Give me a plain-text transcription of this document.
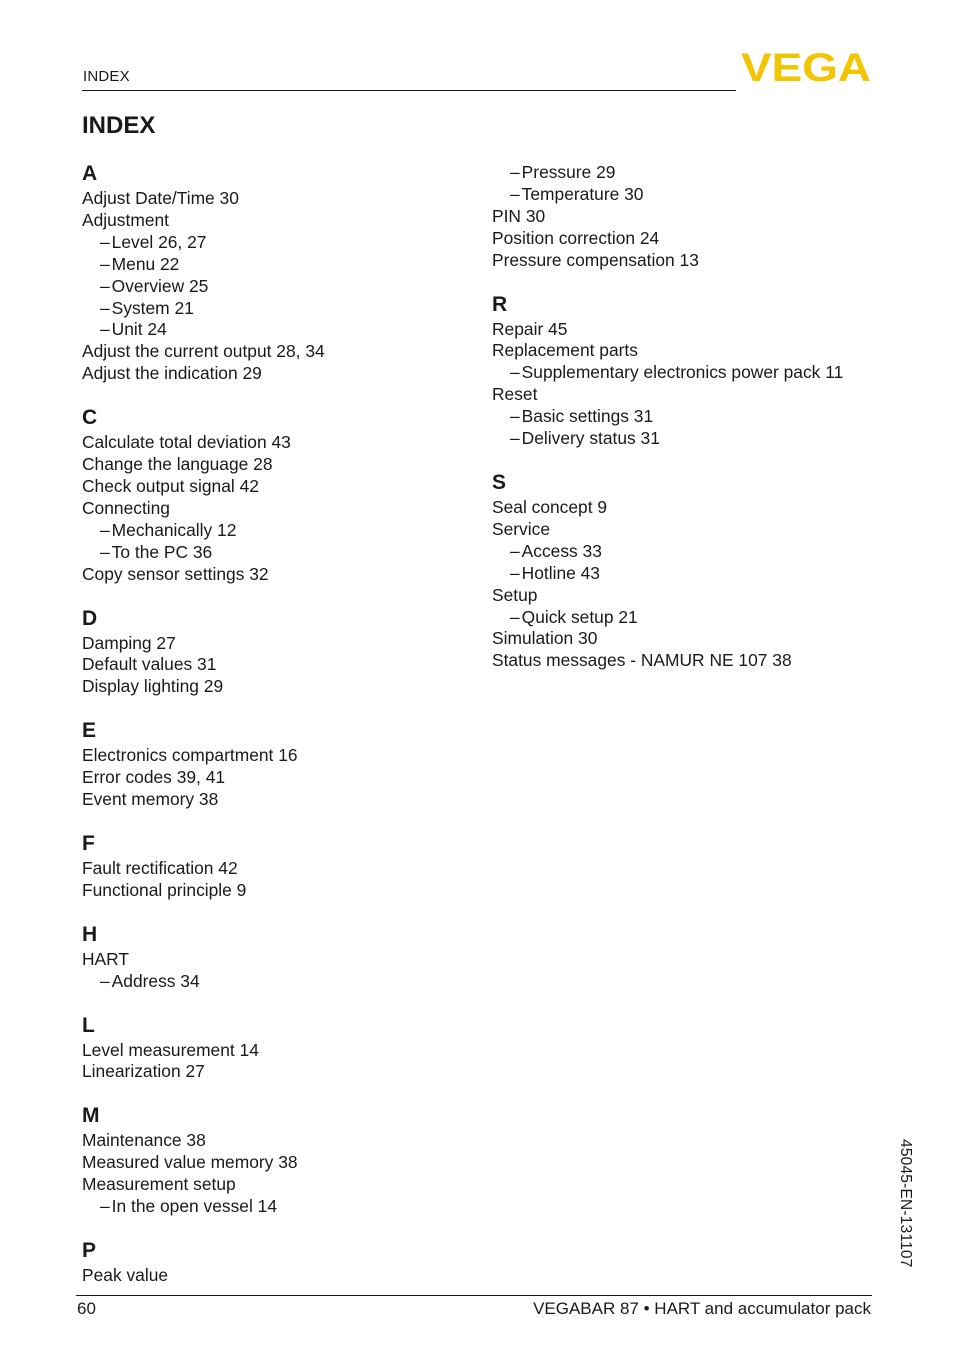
INDEX	VEGA
INDEX
A
Adjust Date/Time 30
Adjustment
– Level 26, 27
– Menu 22
– Overview 25
– System 21
– Unit 24
Adjust the current output 28, 34
Adjust the indication 29
C
Calculate total deviation 43
Change the language 28
Check output signal 42
Connecting
– Mechanically 12
– To the PC 36
Copy sensor settings 32
D
Damping 27
Default values 31
Display lighting 29
E
Electronics compartment 16
Error codes 39, 41
Event memory 38
F
Fault rectification 42
Functional principle 9
H
HART
– Address 34
L
Level measurement 14
Linearization 27
M
Maintenance 38
Measured value memory 38
Measurement setup
– In the open vessel 14
P
Peak value
– Pressure 29
– Temperature 30
PIN 30
Position correction 24
Pressure compensation 13
R
Repair 45
Replacement parts
– Supplementary electronics power pack 11
Reset
– Basic settings 31
– Delivery status 31
S
Seal concept 9
Service
– Access 33
– Hotline 43
Setup
– Quick setup 21
Simulation 30
Status messages - NAMUR NE 107 38
45045-EN-131107
60	VEGABAR 87 • HART and accumulator pack
